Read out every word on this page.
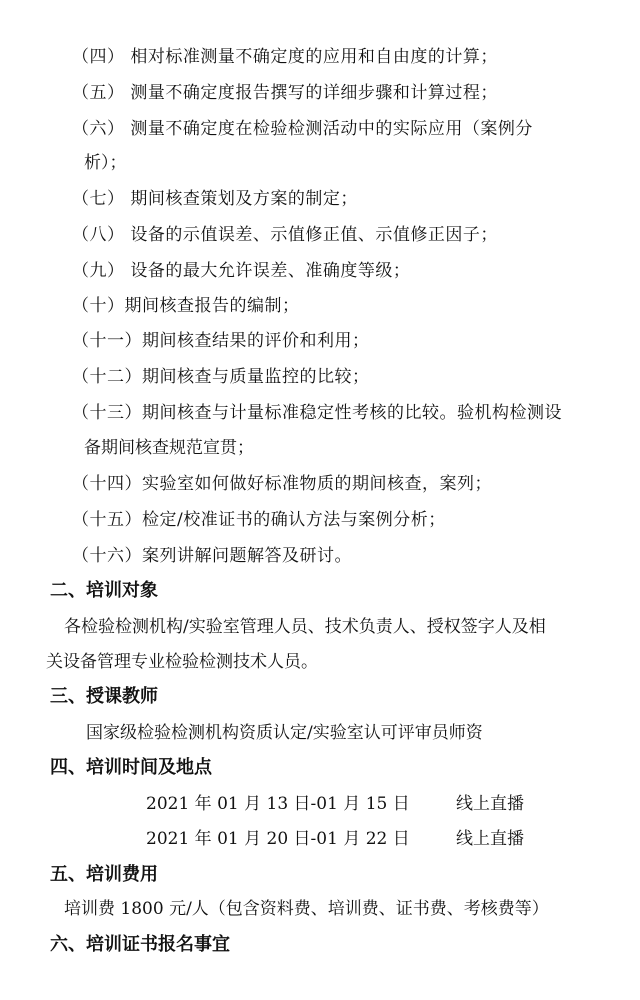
（四） 相对标准测量不确定度的应用和自由度的计算；
（五） 测量不确定度报告撰写的详细步骤和计算过程；
（六） 测量不确定度在检验检测活动中的实际应用（案例分
析）；
（七） 期间核查策划及方案的制定；
（八） 设备的示值误差、示值修正值、示值修正因子；
（九） 设备的最大允许误差、准确度等级；
（十）期间核查报告的编制；
（十一）期间核查结果的评价和利用；
（十二）期间核查与质量监控的比较；
（十三）期间核查与计量标准稳定性考核的比较。验机构检测设
备期间核查规范宣贯；
（十四）实验室如何做好标准物质的期间核查，案列；
（十五）检定/校准证书的确认方法与案例分析；
（十六）案列讲解问题解答及研讨。
二、培训对象
各检验检测机构/实验室管理人员、技术负责人、授权签字人及相
关设备管理专业检验检测技术人员。
三、授课教师
国家级检验检测机构资质认定/实验室认可评审员师资
四、培训时间及地点
2021 年 01 月 13 日-01 月 15 日	线上直播
2021 年 01 月 20 日-01 月 22 日	线上直播
五、培训费用
培训费 1800 元/人（包含资料费、培训费、证书费、考核费等）
六、培训证书报名事宜
